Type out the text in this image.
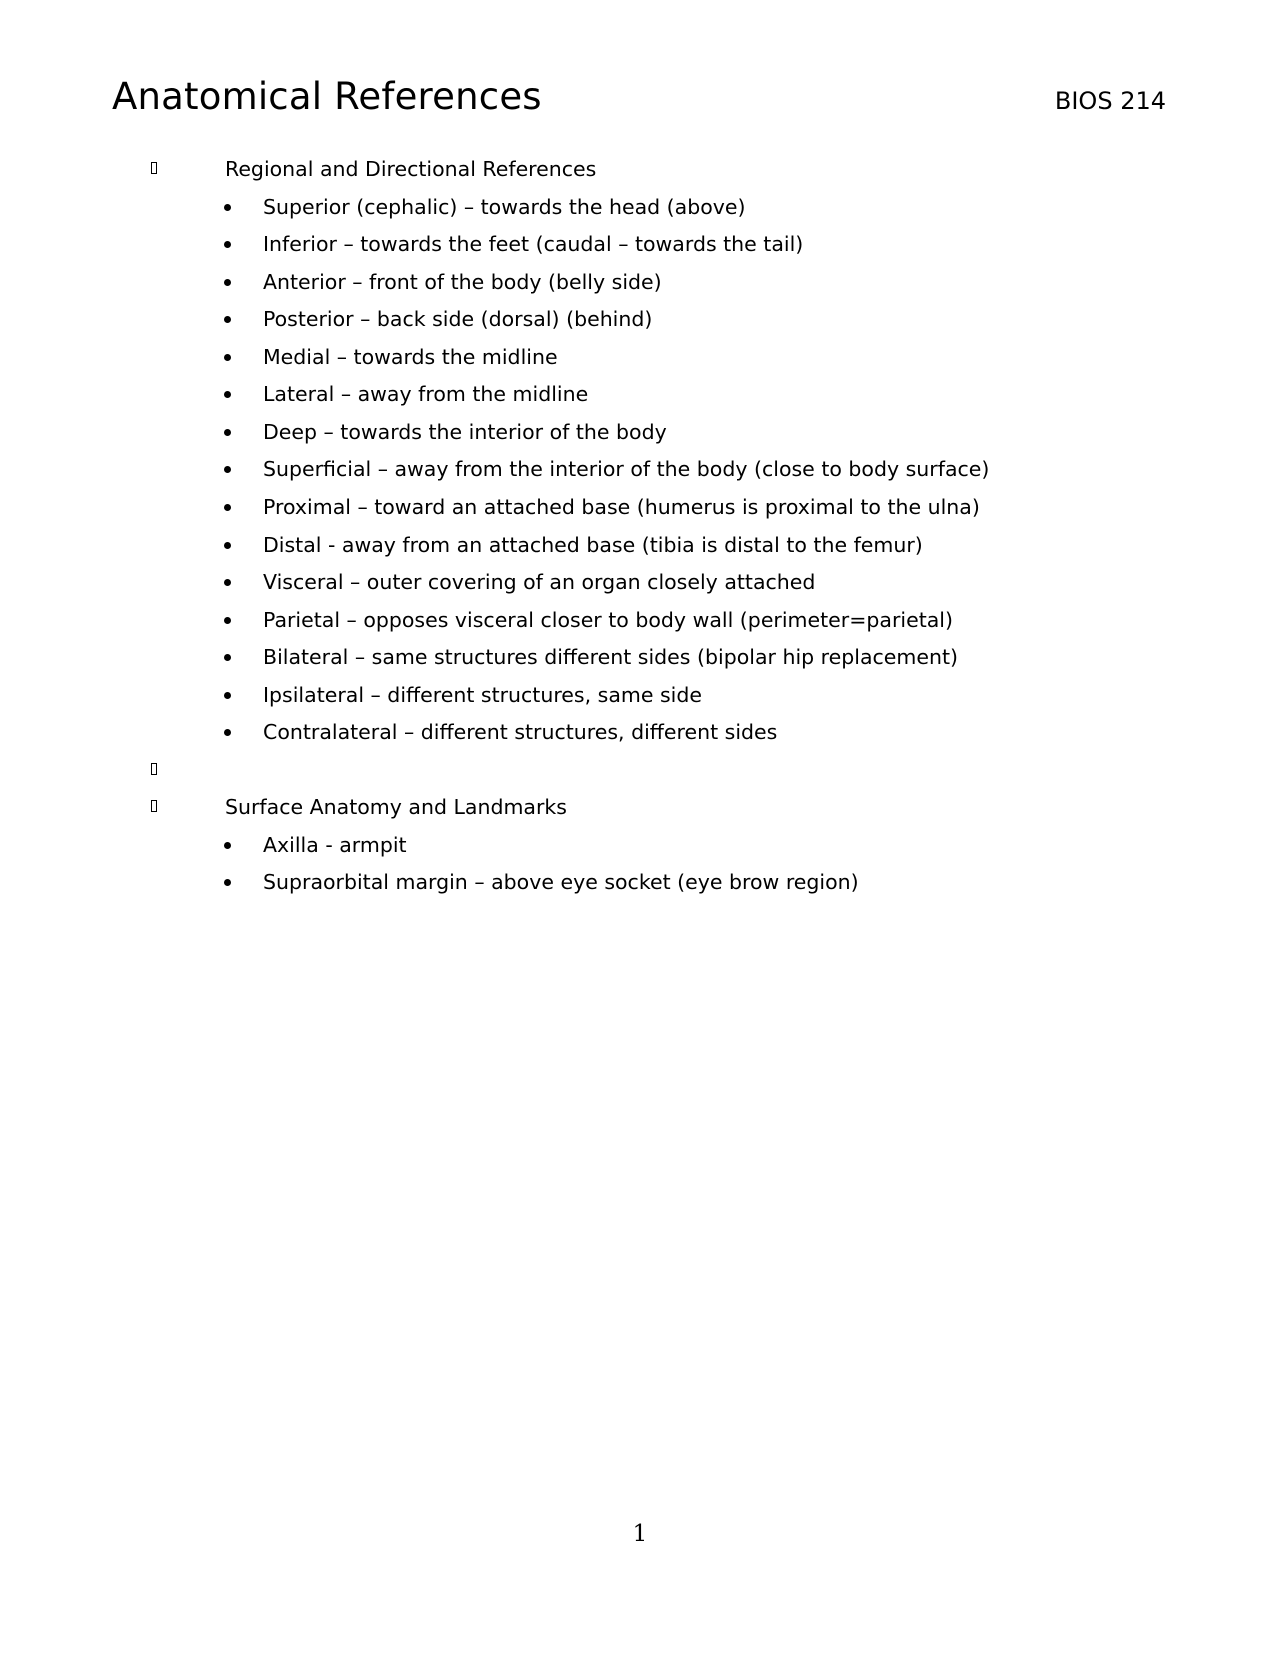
Anatomical References	BIOS 214
Regional and Directional References
Superior (cephalic) – towards the head (above)
Inferior – towards the feet (caudal – towards the tail)
Anterior – front of the body (belly side)
Posterior – back side (dorsal) (behind)
Medial – towards the midline
Lateral – away from the midline
Deep – towards the interior of the body
Superficial – away from the interior of the body (close to body surface)
Proximal – toward an attached base (humerus is proximal to the ulna)
Distal - away from an attached base (tibia is distal to the femur)
Visceral – outer covering of an organ closely attached
Parietal – opposes visceral closer to body wall (perimeter=parietal)
Bilateral – same structures different sides (bipolar hip replacement)
Ipsilateral – different structures, same side
Contralateral – different structures, different sides
Surface Anatomy and Landmarks
Axilla - armpit
Supraorbital margin – above eye socket (eye brow region)
1
